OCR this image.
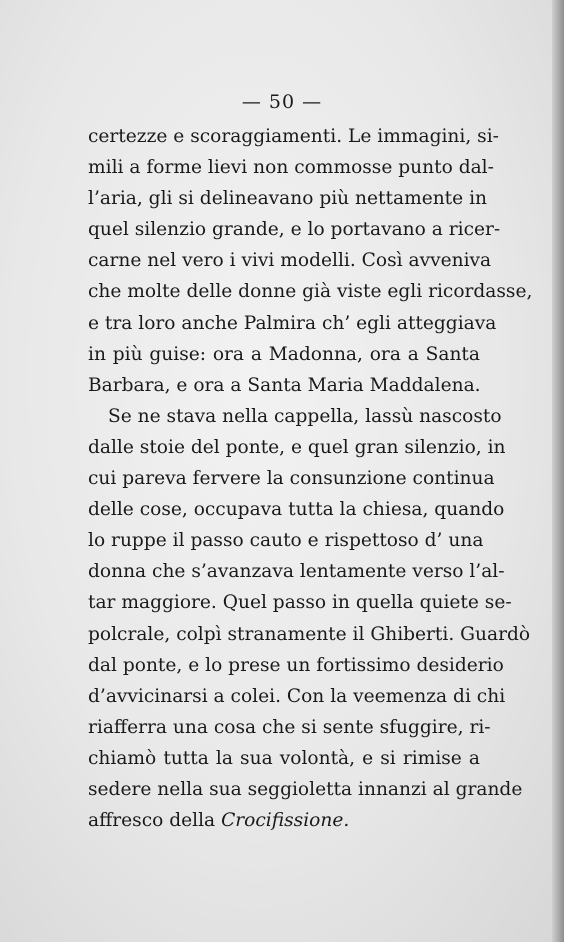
— 50 —
certezze e scoraggiamenti. Le immagini, si-
mili a forme lievi non commosse punto dal-
l’aria, gli si delineavano più nettamente in
quel silenzio grande, e lo portavano a ricer-
carne nel vero i vivi modelli. Così avveniva
che molte delle donne già viste egli ricordasse,
e tra loro anche Palmira ch’ egli atteggiava
in più guise: ora a Madonna, ora a Santa
Barbara, e ora a Santa Maria Maddalena.
Se ne stava nella cappella, lassù nascosto
dalle stoie del ponte, e quel gran silenzio, in
cui pareva fervere la consunzione continua
delle cose, occupava tutta la chiesa, quando
lo ruppe il passo cauto e rispettoso d’ una
donna che s’avanzava lentamente verso l’al-
tar maggiore. Quel passo in quella quiete se-
polcrale, colpì stranamente il Ghiberti. Guardò
dal ponte, e lo prese un fortissimo desiderio
d’avvicinarsi a colei. Con la veemenza di chi
riafferra una cosa che si sente sfuggire, ri-
chiamò tutta la sua volontà, e si rimise a
sedere nella sua seggioletta innanzi al grande
affresco della Crocifissione.
